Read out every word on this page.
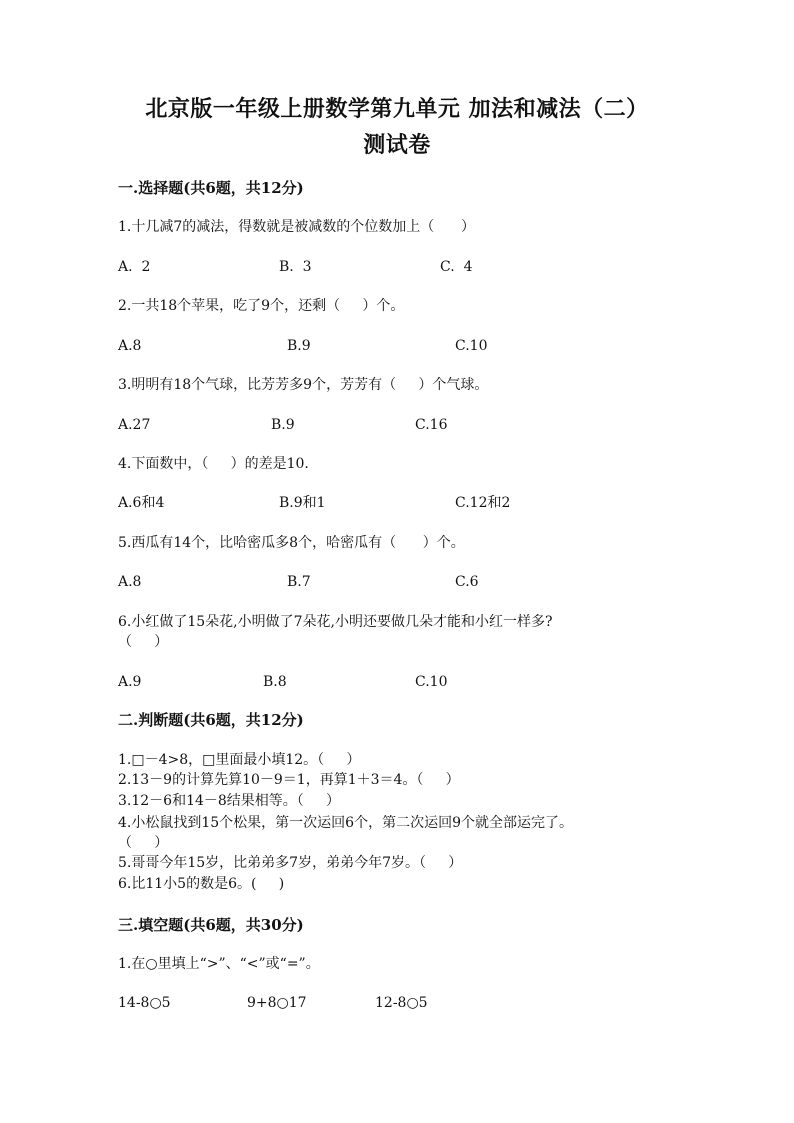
北京版一年级上册数学第九单元 加法和减法（二）
测试卷
一.选择题(共6题，共12分)
1.十几减7的减法，得数就是被减数的个位数加上（      ）
A.  2	B.  3	C.  4
2.一共18个苹果，吃了9个，还剩（     ）个。
A.8	B.9	C.10
3.明明有18个气球，比芳芳多9个，芳芳有（     ）个气球。
A.27	B.9	C.16
4.下面数中，（     ）的差是10.
A.6和4	B.9和1	C.12和2
5.西瓜有14个，比哈密瓜多8个，哈密瓜有（      ）个。
A.8	B.7	C.6
6.小红做了15朵花,小明做了7朵花,小明还要做几朵才能和小红一样多?
（     ）
A.9	B.8	C.10
二.判断题(共6题，共12分)
1.□－4>8，□里面最小填12。（     ）
2.13－9的计算先算10－9＝1，再算1＋3＝4。（     ）
3.12－6和14－8结果相等。（     ）
4.小松鼠找到15个松果，第一次运回6个，第二次运回9个就全部运完了。
（     ）
5.哥哥今年15岁，比弟弟多7岁，弟弟今年7岁。（     ）
6.比11小5的数是6。(     )
三.填空题(共6题，共30分)
1.在○里填上“>”、“<”或“=”。
14-8○5	9+8○17	12-8○5
